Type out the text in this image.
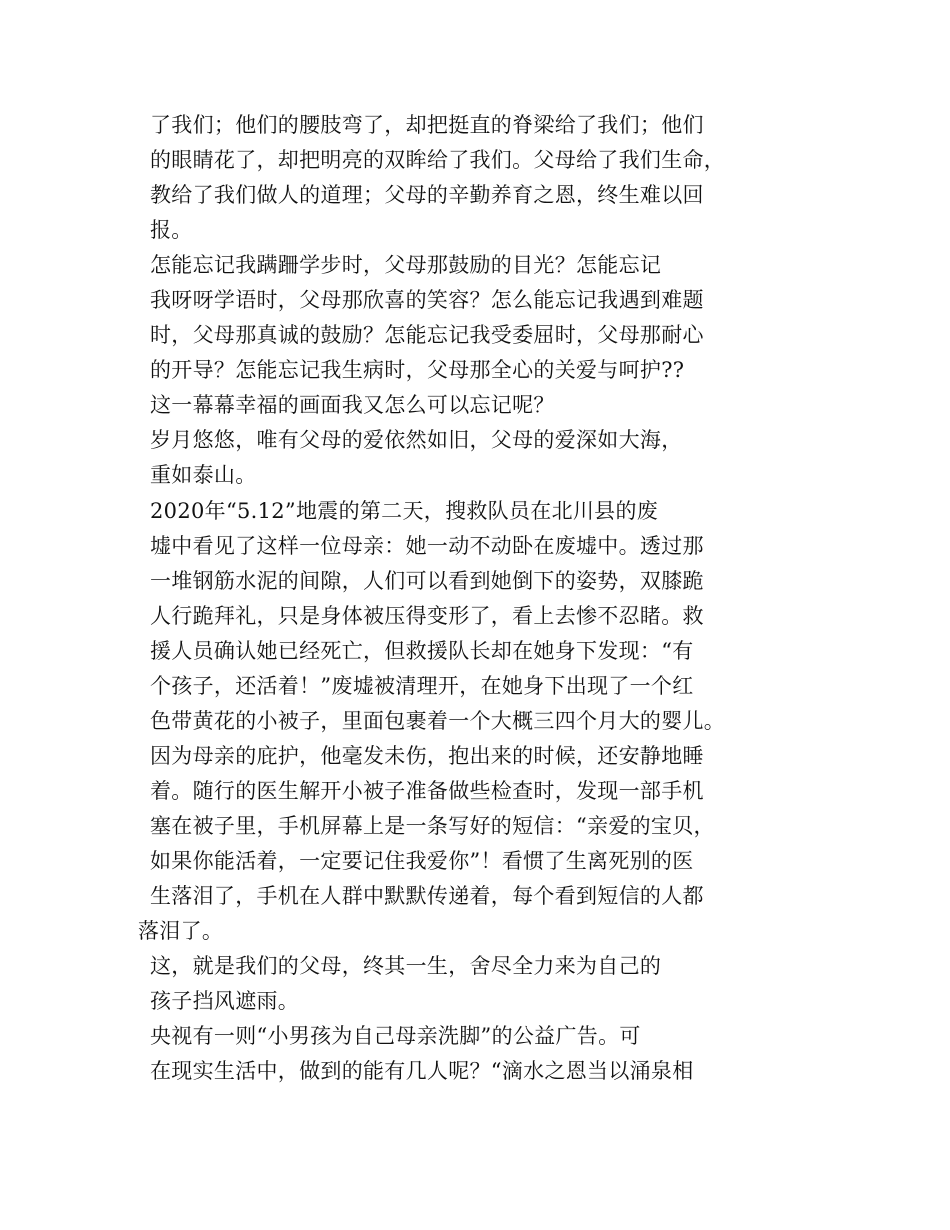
了我们；他们的腰肢弯了，却把挺直的脊梁给了我们；他们
的眼睛花了，却把明亮的双眸给了我们。父母给了我们生命，
教给了我们做人的道理；父母的辛勤养育之恩，终生难以回
报。
怎能忘记我蹒跚学步时，父母那鼓励的目光？怎能忘记
我呀呀学语时，父母那欣喜的笑容？怎么能忘记我遇到难题
时，父母那真诚的鼓励？怎能忘记我受委屈时，父母那耐心
的开导？怎能忘记我生病时，父母那全心的关爱与呵护??
这一幕幕幸福的画面我又怎么可以忘记呢？
岁月悠悠，唯有父母的爱依然如旧，父母的爱深如大海，
重如泰山。
2020年“5.12”地震的第二天，搜救队员在北川县的废
墟中看见了这样一位母亲：她一动不动卧在废墟中。透过那
一堆钢筋水泥的间隙，人们可以看到她倒下的姿势，双膝跪
人行跪拜礼，只是身体被压得变形了，看上去惨不忍睹。救
援人员确认她已经死亡，但救援队长却在她身下发现：“有
个孩子，还活着！”废墟被清理开，在她身下出现了一个红
色带黄花的小被子，里面包裹着一个大概三四个月大的婴儿。
因为母亲的庇护，他毫发未伤，抱出来的时候，还安静地睡
着。随行的医生解开小被子准备做些检查时，发现一部手机
塞在被子里，手机屏幕上是一条写好的短信：“亲爱的宝贝，
如果你能活着，一定要记住我爱你”！看惯了生离死别的医
生落泪了，手机在人群中默默传递着，每个看到短信的人都
落泪了。
这，就是我们的父母，终其一生，舍尽全力来为自己的
孩子挡风遮雨。
央视有一则“小男孩为自己母亲洗脚”的公益广告。可
在现实生活中，做到的能有几人呢？“滴水之恩当以涌泉相
